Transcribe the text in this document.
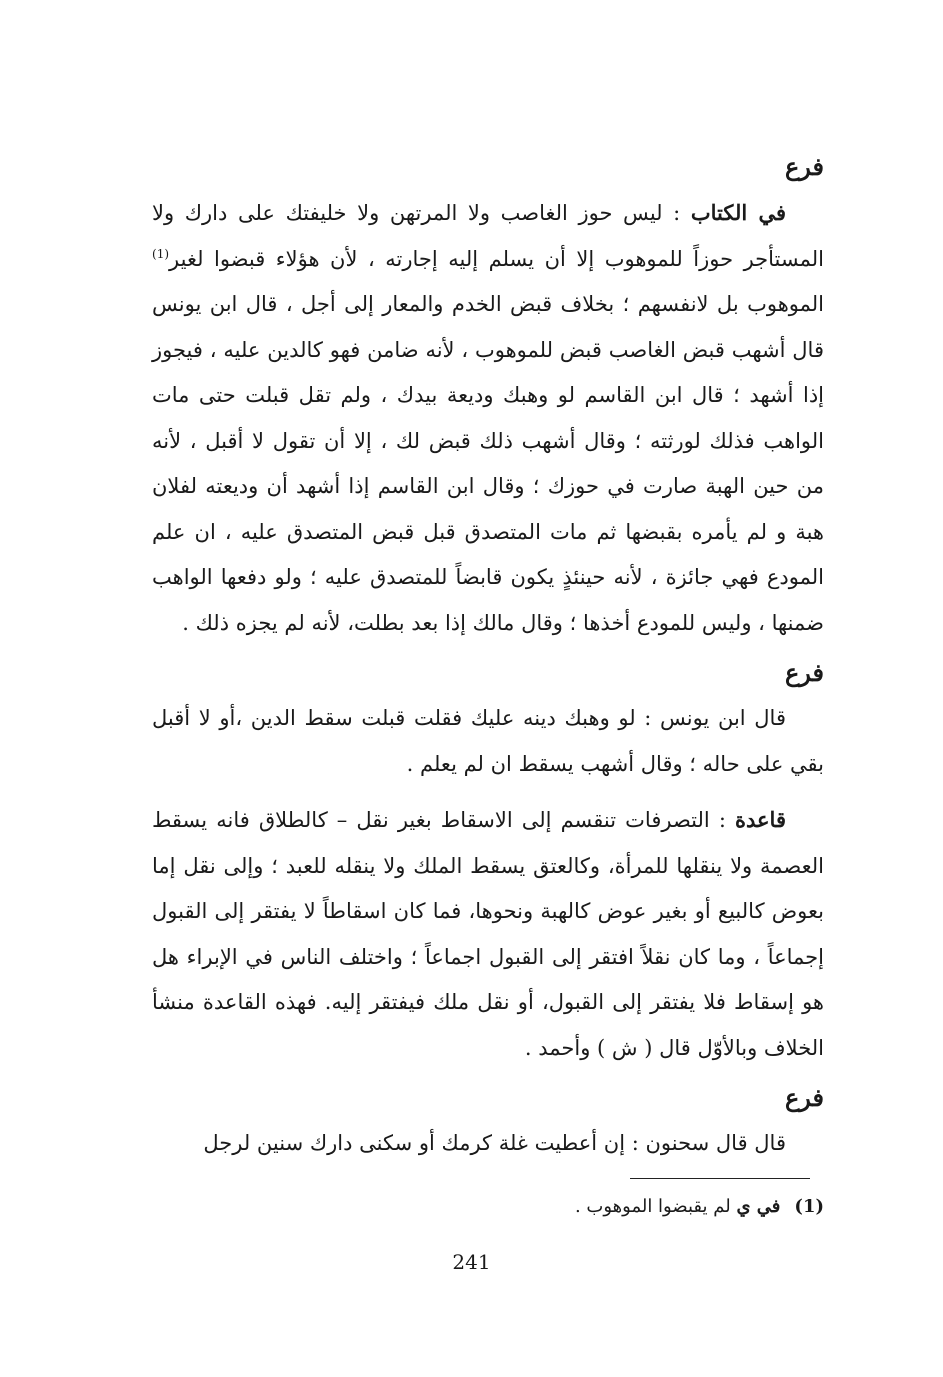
فرع

في الكتاب : ليس حوز الغاصب ولا المرتهن ولا خليفتك على دارك ولا المستأجر حوزاً للموهوب إلا أن يسلم إليه إجارته ، لأن هؤلاء قبضوا لغير$^{(1)}$ الموهوب بل لانفسهم ؛ بخلاف قبض الخدم والمعار إلى أجل ، قال ابن يونس قال أشهب قبض الغاصب قبض للموهوب ، لأنه ضامن فهو كالدين عليه ، فيجوز إذا أشهد ؛ قال ابن القاسم لو وهبك وديعة بيدك ، ولم تقل قبلت حتى مات الواهب فذلك لورثته ؛ وقال أشهب ذلك قبض لك ، إلا أن تقول لا أقبل ، لأنه من حين الهبة صارت في حوزك ؛ وقال ابن القاسم إذا أشهد أن وديعته لفلان هبة و لم يأمره بقبضها ثم مات المتصدق قبل قبض المتصدق عليه ، ان علم المودع فهي جائزة ، لأنه حينئذٍ يكون قابضاً للمتصدق عليه ؛ ولو دفعها الواهب ضمنها ، وليس للمودع أخذها ؛ وقال مالك إذا بعد بطلت، لأنه لم يجزه ذلك .

فرع

قال ابن يونس : لو وهبك دينه عليك فقلت قبلت سقط الدين ،أو لا أقبل بقي على حاله ؛ وقال أشهب يسقط ان لم يعلم .

قاعدة : التصرفات تنقسم إلى الاسقاط بغير نقل – كالطلاق فانه يسقط العصمة ولا ينقلها للمرأة، وكالعتق يسقط الملك ولا ينقله للعبد ؛ وإلى نقل إما بعوض كالبيع أو بغير عوض كالهبة ونحوها، فما كان اسقاطاً لا يفتقر إلى القبول إجماعاً ، وما كان نقلاً افتقر إلى القبول اجماعاً ؛ واختلف الناس في الإبراء هل هو إسقاط فلا يفتقر إلى القبول، أو نقل ملك فيفتقر إليه. فهذه القاعدة منشأ الخلاف وبالأوّل قال ( ش ) وأحمد .

فرع

قال قال سحنون : إن أعطيت غلة كرمك أو سكنى دارك سنين لرجل

(1)في ي لم يقبضوا الموهوب .
241
